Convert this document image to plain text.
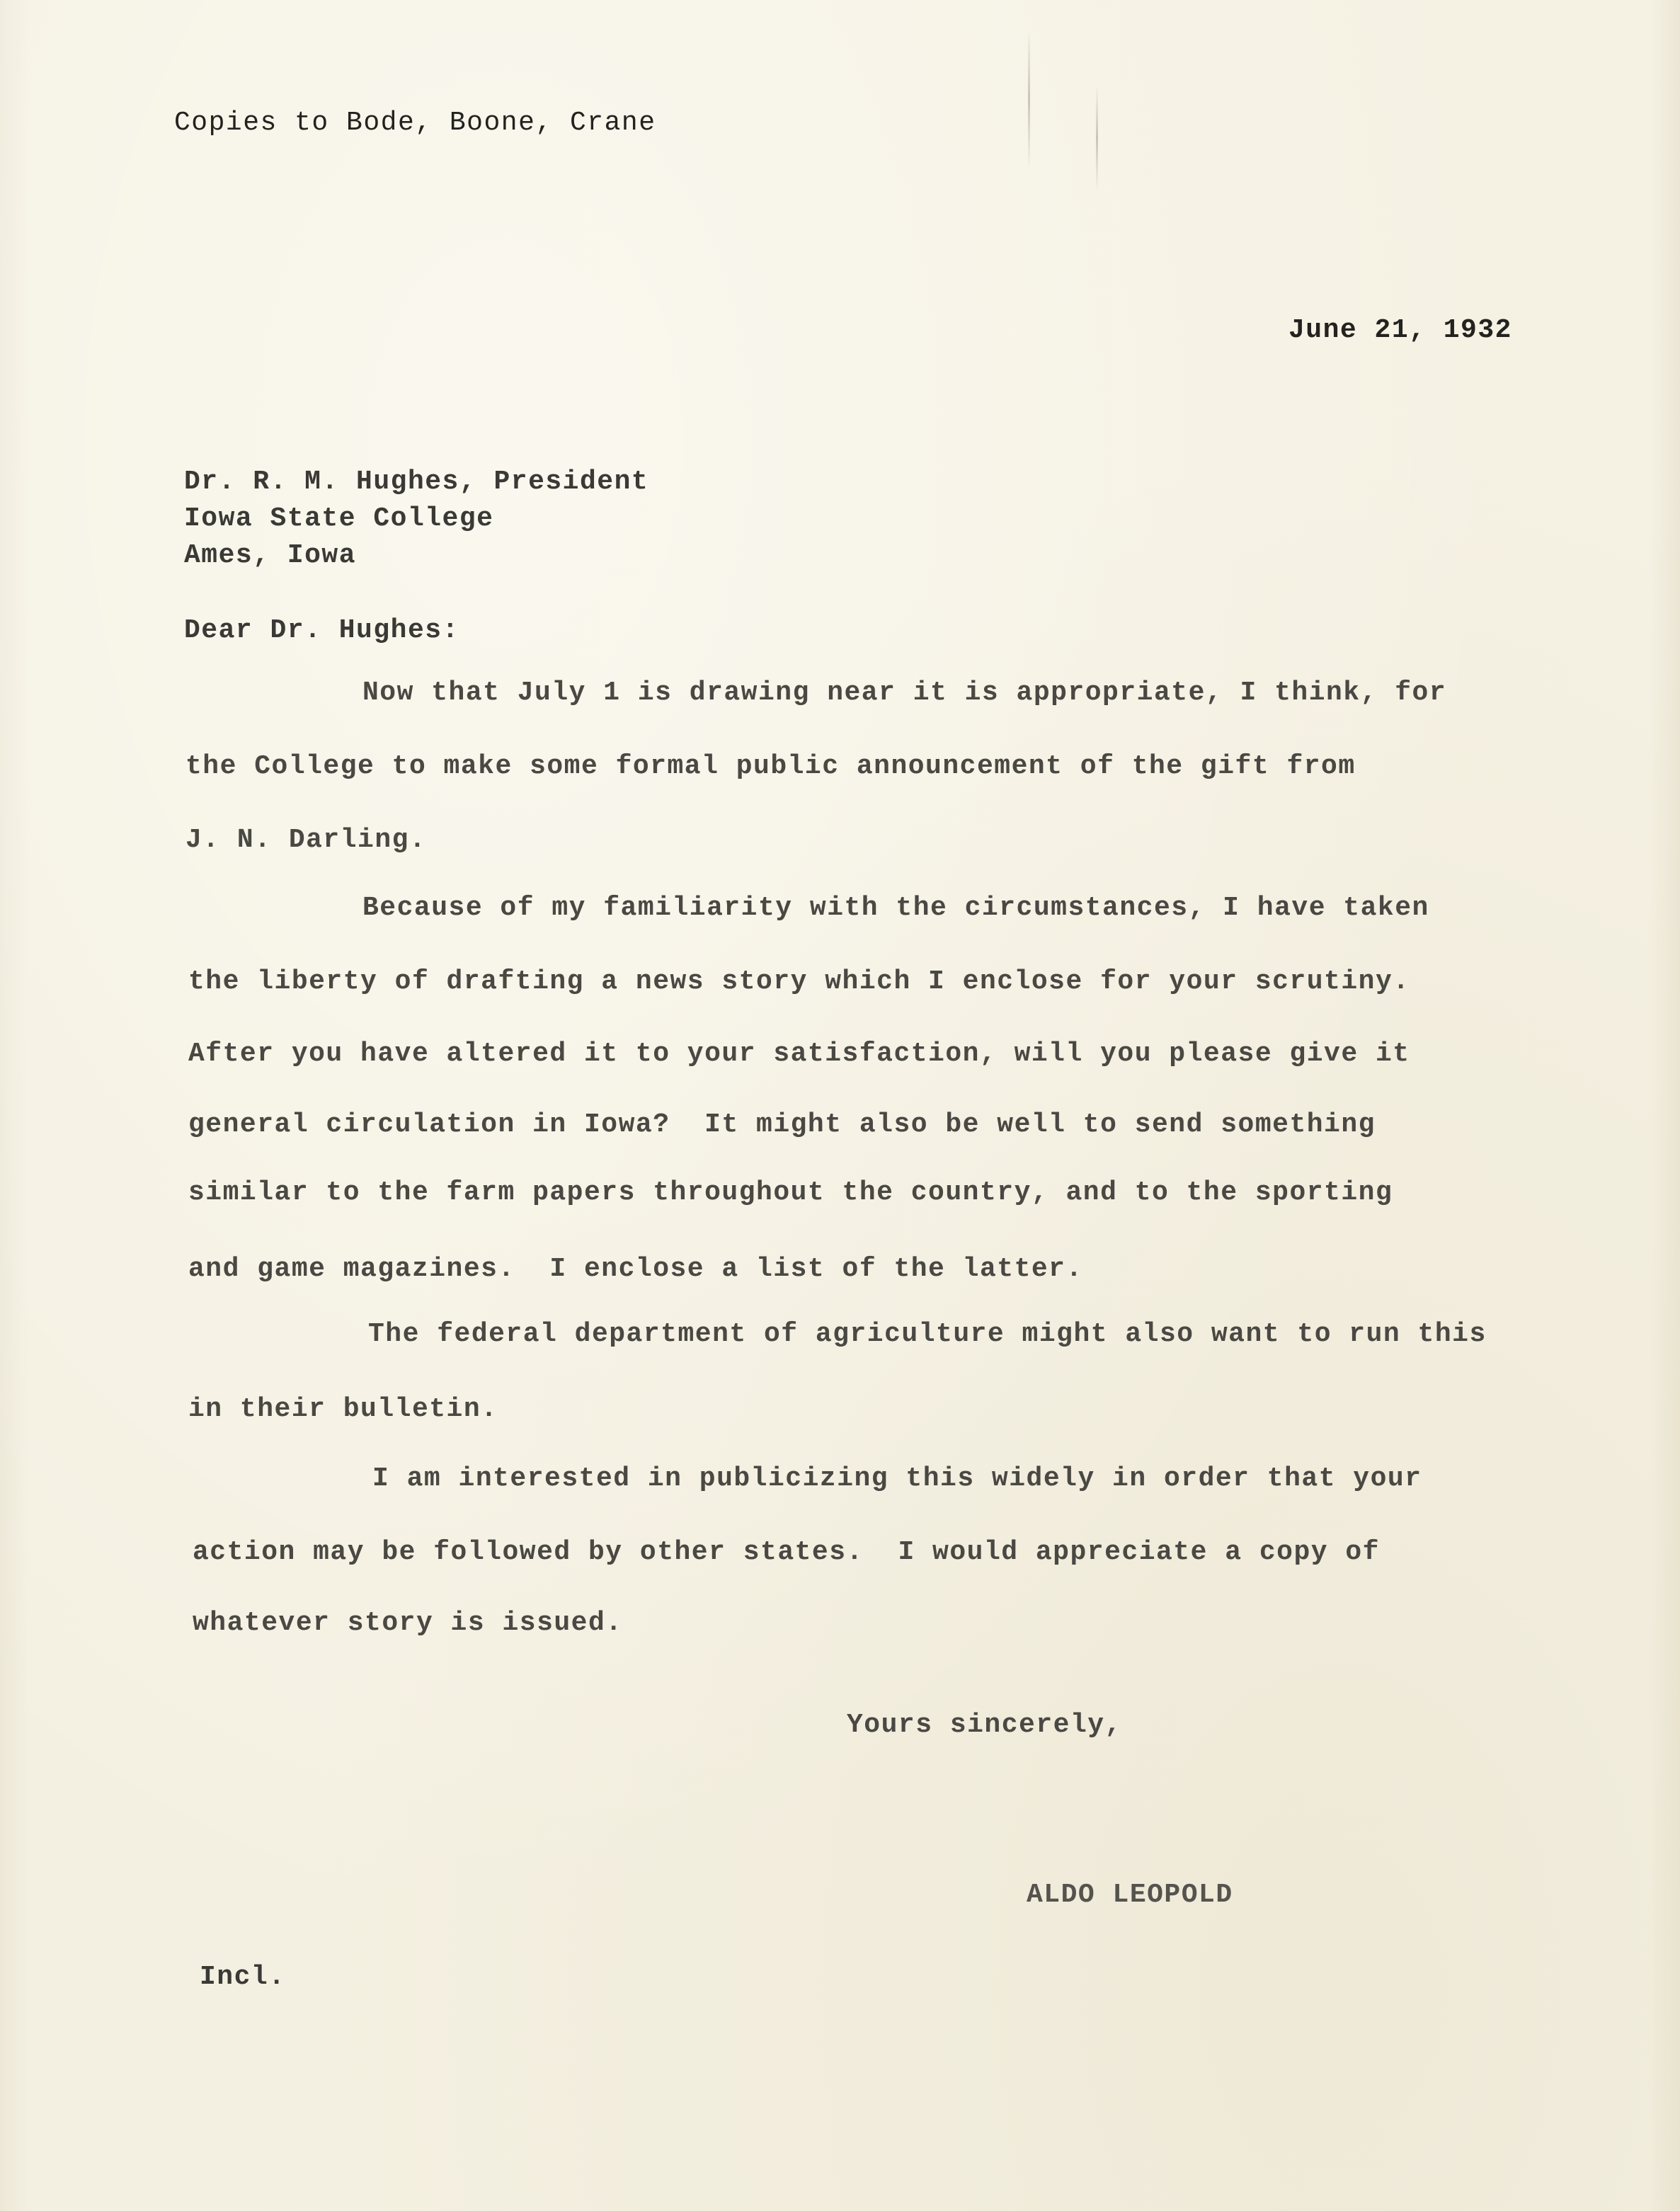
Copies to Bode, Boone, Crane
June 21, 1932
Dr. R. M. Hughes, President
Iowa State College
Ames, Iowa
Dear Dr. Hughes:
Now that July 1 is drawing near it is appropriate, I think, for
the College to make some formal public announcement of the gift from
J. N. Darling.
Because of my familiarity with the circumstances, I have taken
the liberty of drafting a news story which I enclose for your scrutiny.
After you have altered it to your satisfaction, will you please give it
general circulation in Iowa?  It might also be well to send something
similar to the farm papers throughout the country, and to the sporting
and game magazines.  I enclose a list of the latter.
The federal department of agriculture might also want to run this
in their bulletin.
I am interested in publicizing this widely in order that your
action may be followed by other states.  I would appreciate a copy of
whatever story is issued.
Yours sincerely,
ALDO LEOPOLD
Incl.
